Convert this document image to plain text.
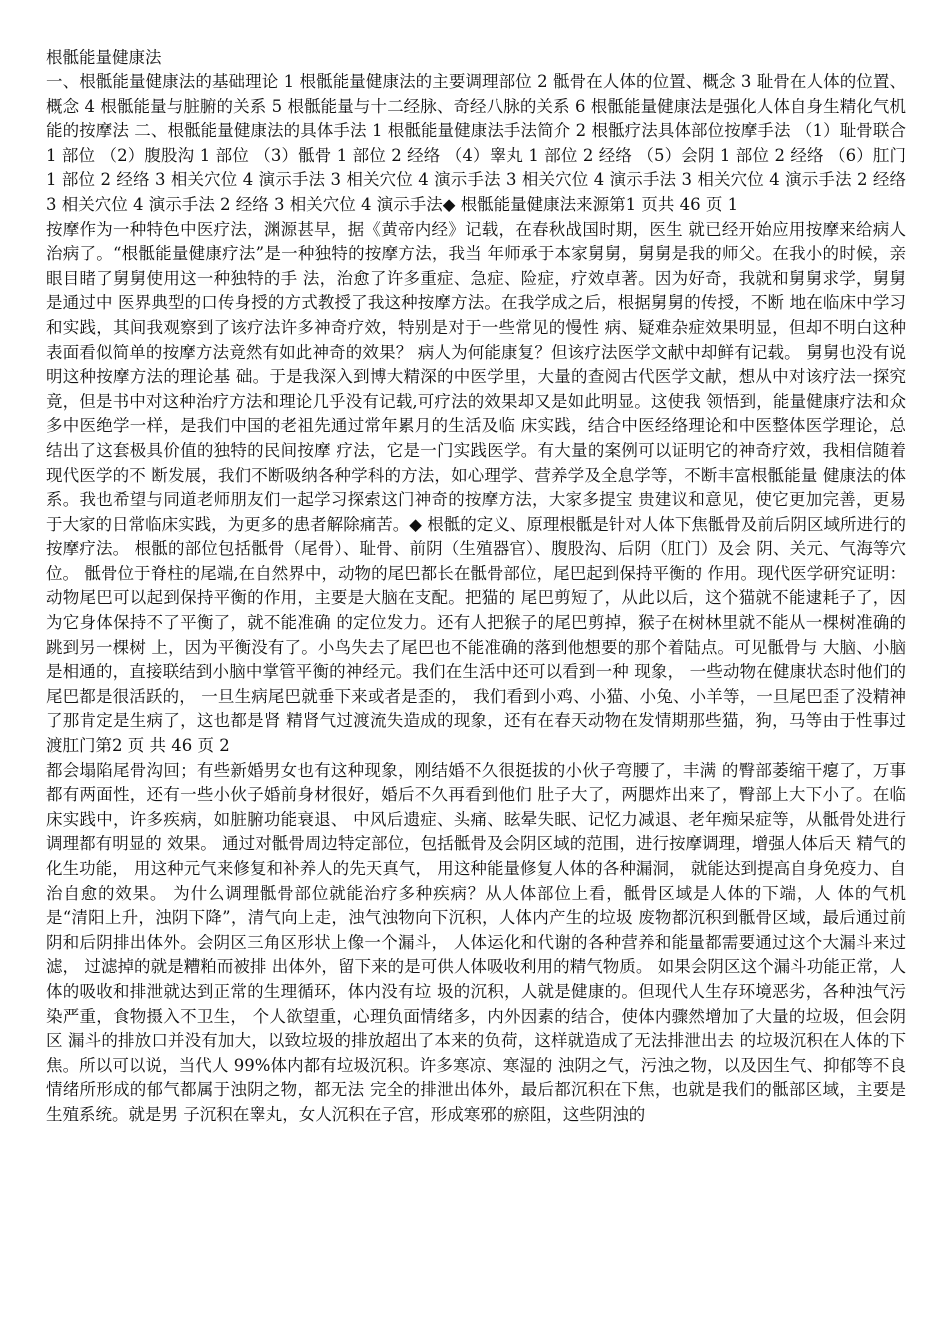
根骶能量健康法

一、根骶能量健康法的基础理论 1 根骶能量健康法的主要调理部位 2 骶骨在人体的位置、概念 3 耻骨在人体的位置、概念 4 根骶能量与脏腑的关系 5 根骶能量与十二经脉、奇经八脉的关系 6 根骶能量健康法是强化人体自身生精化气机能的按摩法 二、根骶能量健康法的具体手法 1 根骶能量健康法手法简介 2 根骶疗法具体部位按摩手法 （1）耻骨联合 1 部位 （2）腹股沟 1 部位 （3）骶骨 1 部位 2 经络 （4）睾丸 1 部位 2 经络 （5）会阴 1 部位 2 经络 （6）肛门 1 部位 2 经络 3 相关穴位 4 演示手法 3 相关穴位 4 演示手法 3 相关穴位 4 演示手法 3 相关穴位 4 演示手法 2 经络 3 相关穴位 4 演示手法 2 经络 3 相关穴位 4 演示手法◆ 根骶能量健康法来源第1 页共 46 页 1

按摩作为一种特色中医疗法，渊源甚早，据《黄帝内经》记载，在春秋战国时期，医生 就已经开始应用按摩来给病人治病了。“根骶能量健康疗法”是一种独特的按摩方法，我当 年师承于本家舅舅，舅舅是我的师父。在我小的时候，亲眼目睹了舅舅使用这一种独特的手 法，治愈了许多重症、急症、险症，疗效卓著。因为好奇，我就和舅舅求学，舅舅是通过中 医界典型的口传身授的方式教授了我这种按摩方法。在我学成之后，根据舅舅的传授，不断 地在临床中学习和实践，其间我观察到了该疗法许多神奇疗效，特别是对于一些常见的慢性 病、疑难杂症效果明显，但却不明白这种表面看似简单的按摩方法竟然有如此神奇的效果？ 病人为何能康复？但该疗法医学文献中却鲜有记载。 舅舅也没有说明这种按摩方法的理论基 础。于是我深入到博大精深的中医学里，大量的查阅古代医学文献，想从中对该疗法一探究 竟，但是书中对这种治疗方法和理论几乎没有记载,可疗法的效果却又是如此明显。这使我 领悟到，能量健康疗法和众多中医绝学一样，是我们中国的老祖先通过常年累月的生活及临 床实践，结合中医经络理论和中医整体医学理论，总结出了这套极具价值的独特的民间按摩 疗法，它是一门实践医学。有大量的案例可以证明它的神奇疗效，我相信随着现代医学的不 断发展，我们不断吸纳各种学科的方法，如心理学、营养学及全息学等，不断丰富根骶能量 健康法的体系。我也希望与同道老师朋友们一起学习探索这门神奇的按摩方法，大家多提宝 贵建议和意见，使它更加完善，更易于大家的日常临床实践，为更多的患者解除痛苦。◆ 根骶的定义、原理根骶是针对人体下焦骶骨及前后阴区域所进行的按摩疗法。 根骶的部位包括骶骨（尾骨）、耻骨、前阴（生殖器官）、腹股沟、后阴（肛门）及会 阴、关元、气海等穴位。 骶骨位于脊柱的尾端,在自然界中，动物的尾巴都长在骶骨部位，尾巴起到保持平衡的 作用。现代医学研究证明：动物尾巴可以起到保持平衡的作用，主要是大脑在支配。把猫的 尾巴剪短了，从此以后，这个猫就不能逮耗子了，因为它身体保持不了平衡了，就不能准确 的定位发力。还有人把猴子的尾巴剪掉，猴子在树林里就不能从一棵树准确的跳到另一棵树 上，因为平衡没有了。小鸟失去了尾巴也不能准确的落到他想要的那个着陆点。可见骶骨与 大脑、小脑是相通的，直接联结到小脑中掌管平衡的神经元。我们在生活中还可以看到一种 现象， 一些动物在健康状态时他们的尾巴都是很活跃的， 一旦生病尾巴就垂下来或者是歪的， 我们看到小鸡、小猫、小兔、小羊等，一旦尾巴歪了没精神了那肯定是生病了，这也都是肾 精肾气过渡流失造成的现象，还有在春天动物在发情期那些猫，狗，马等由于性事过渡肛门第2 页 共 46 页 2

都会塌陷尾骨沟回；有些新婚男女也有这种现象，刚结婚不久很挺拔的小伙子弯腰了，丰满 的臀部萎缩干瘪了，万事都有两面性，还有一些小伙子婚前身材很好，婚后不久再看到他们 肚子大了，两腮炸出来了，臀部上大下小了。在临床实践中，许多疾病，如脏腑功能衰退、 中风后遗症、头痛、眩晕失眠、记忆力减退、老年痴呆症等，从骶骨处进行调理都有明显的 效果。 通过对骶骨周边特定部位，包括骶骨及会阴区域的范围，进行按摩调理，增强人体后天 精气的化生功能， 用这种元气来修复和补养人的先天真气， 用这种能量修复人体的各种漏洞， 就能达到提高自身免疫力、自治自愈的效果。 为什么调理骶骨部位就能治疗多种疾病？从人体部位上看，骶骨区域是人体的下端，人 体的气机是“清阳上升，浊阴下降”，清气向上走，浊气浊物向下沉积，人体内产生的垃圾 废物都沉积到骶骨区域，最后通过前阴和后阴排出体外。会阴区三角区形状上像一个漏斗， 人体运化和代谢的各种营养和能量都需要通过这个大漏斗来过滤， 过滤掉的就是糟粕而被排 出体外，留下来的是可供人体吸收利用的精气物质。 如果会阴区这个漏斗功能正常，人体的吸收和排泄就达到正常的生理循环，体内没有垃 圾的沉积，人就是健康的。但现代人生存环境恶劣，各种浊气污染严重，食物摄入不卫生， 个人欲望重，心理负面情绪多，内外因素的结合，使体内骤然增加了大量的垃圾，但会阴区 漏斗的排放口并没有加大，以致垃圾的排放超出了本来的负荷，这样就造成了无法排泄出去 的垃圾沉积在人体的下焦。所以可以说，当代人 99%体内都有垃圾沉积。许多寒凉、寒湿的 浊阴之气，污浊之物，以及因生气、抑郁等不良情绪所形成的郁气都属于浊阴之物，都无法 完全的排泄出体外，最后都沉积在下焦，也就是我们的骶部区域，主要是生殖系统。就是男 子沉积在睾丸，女人沉积在子宫，形成寒邪的瘀阻，这些阴浊的
